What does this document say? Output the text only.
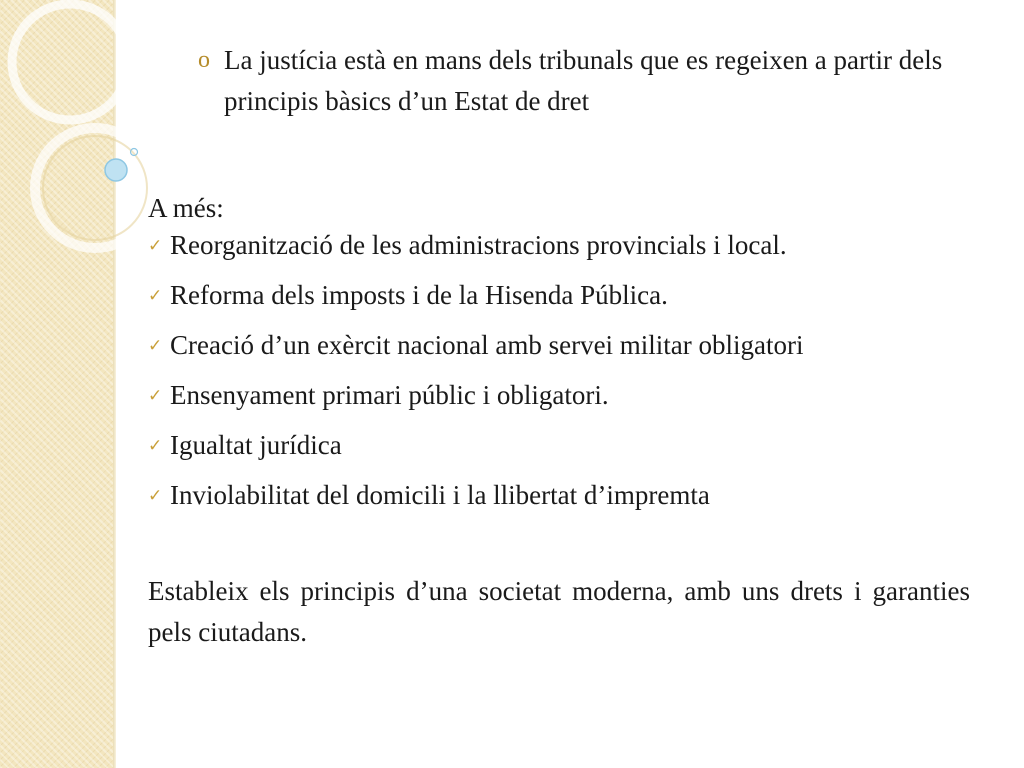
o La justícia està en mans dels tribunals que es regeixen a partir dels principis bàsics d’un Estat de dret

A més:

✓ Reorganització de les administracions provincials i local.
✓ Reforma dels imposts i de la Hisenda Pública.
✓ Creació d’un exèrcit nacional amb servei militar obligatori
✓ Ensenyament primari públic i obligatori.
✓ Igualtat jurídica
✓ Inviolabilitat del domicili i la llibertat d’impremta

Estableix els principis d’una societat moderna, amb uns drets i garanties pels ciutadans.
